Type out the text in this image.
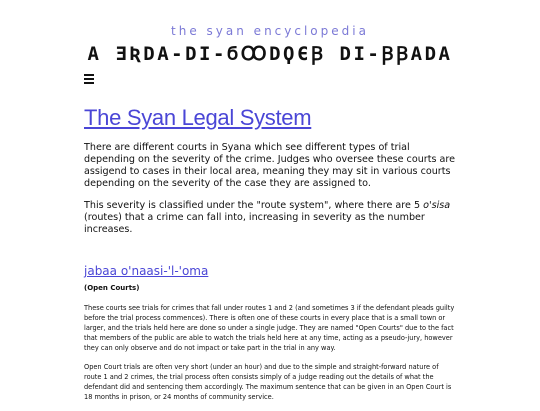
the syan encyclopedia
A ƎƦDA-DI-ϬꝎDϘЄꞴ DI-ꞴꞴADA
The Syan Legal System

There are different courts in Syana which see different types of trial depending on the severity of the crime. Judges who oversee these courts are assigend to cases in their local area, meaning they may sit in various courts depending on the severity of the case they are assigned to.

This severity is classified under the "route system", where there are 5 o'sisa (routes) that a crime can fall into, increasing in severity as the number increases.

jabaa o'naasi-'l-'oma
(Open Courts)

These courts see trials for crimes that fall under routes 1 and 2 (and sometimes 3 if the defendant pleads guilty before the trial process commences). There is often one of these courts in every place that is a small town or larger, and the trials held here are done so under a single judge. They are named "Open Courts" due to the fact that members of the public are able to watch the trials held here at any time, acting as a pseudo-jury, however they can only observe and do not impact or take part in the trial in any way.

Open Court trials are often very short (under an hour) and due to the simple and straight-forward nature of route 1 and 2 crimes, the trial process often consists simply of a judge reading out the details of what the defendant did and sentencing them accordingly. The maximum sentence that can be given in an Open Court is 18 months in prison, or 24 months of community service.
